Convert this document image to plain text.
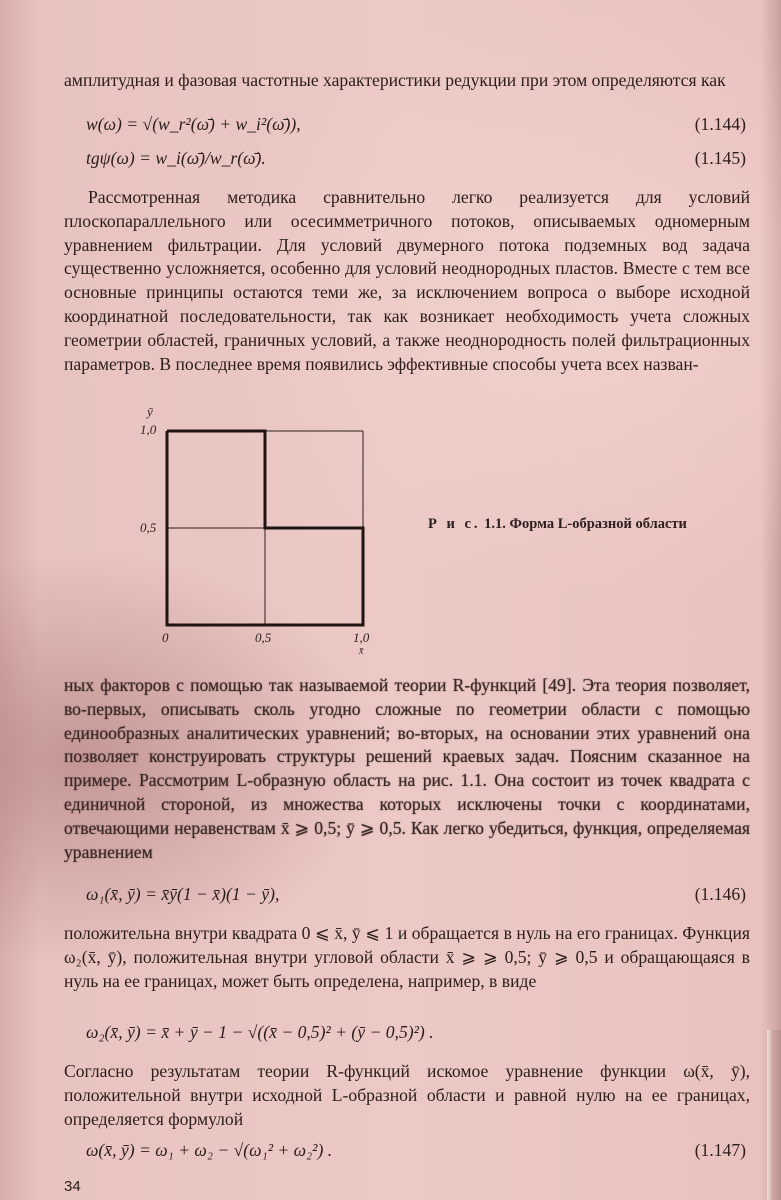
амплитудная и фазовая частотные характеристики редукции при этом определяются как

w(ω) = √(w_r²(ω̄) + w_i²(ω̄)),	(1.144)
tgψ(ω) = w_i(ω̄)/w_r(ω̄).	(1.145)

Рассмотренная методика сравнительно легко реализуется для условий плоскопараллельного или осесимметричного потоков, описываемых одномерным уравнением фильтрации. Для условий двумерного потока подземных вод задача существенно усложняется, особенно для условий неоднородных пластов. Вместе с тем все основные принципы остаются теми же, за исключением вопроса о выборе исходной координатной последовательности, так как возникает необходимость учета сложных геометрии областей, граничных условий, а также неоднородность полей фильтрационных параметров. В последнее время появились эффективные способы учета всех назван-

ȳ
1,0
0,5
0	0,5	1,0
x̄
Р и с. 1.1. Форма L-образной области

ных факторов с помощью так называемой теории R-функций [49]. Эта теория позволяет, во-первых, описывать сколь угодно сложные по геометрии области с помощью единообразных аналитических уравнений; во-вторых, на основании этих уравнений она позволяет конструировать структуры решений краевых задач. Поясним сказанное на примере. Рассмотрим L-образную область на рис. 1.1. Она состоит из точек квадрата с единичной стороной, из множества которых исключены точки с координатами, отвечающими неравенствам x̄ ⩾ 0,5; ȳ ⩾ 0,5. Как легко убедиться, функция, определяемая уравнением

ω₁(x̄, ȳ) = x̄ȳ(1 − x̄)(1 − ȳ),	(1.146)

положительна внутри квадрата 0 ⩽ x̄, ȳ ⩽ 1 и обращается в нуль на его границах. Функция ω₂(x̄, ȳ), положительная внутри угловой области x̄ ⩾ ⩾ 0,5; ȳ ⩾ 0,5 и обращающаяся в нуль на ее границах, может быть определена, например, в виде

ω₂(x̄, ȳ) = x̄ + ȳ − 1 − √((x̄ − 0,5)² + (ȳ − 0,5)²) .

Согласно результатам теории R-функций искомое уравнение функции ω(x̄, ȳ), положительной внутри исходной L-образной области и равной нулю на ее границах, определяется формулой

ω(x̄, ȳ) = ω₁ + ω₂ − √(ω₁² + ω₂²) .	(1.147)
34
